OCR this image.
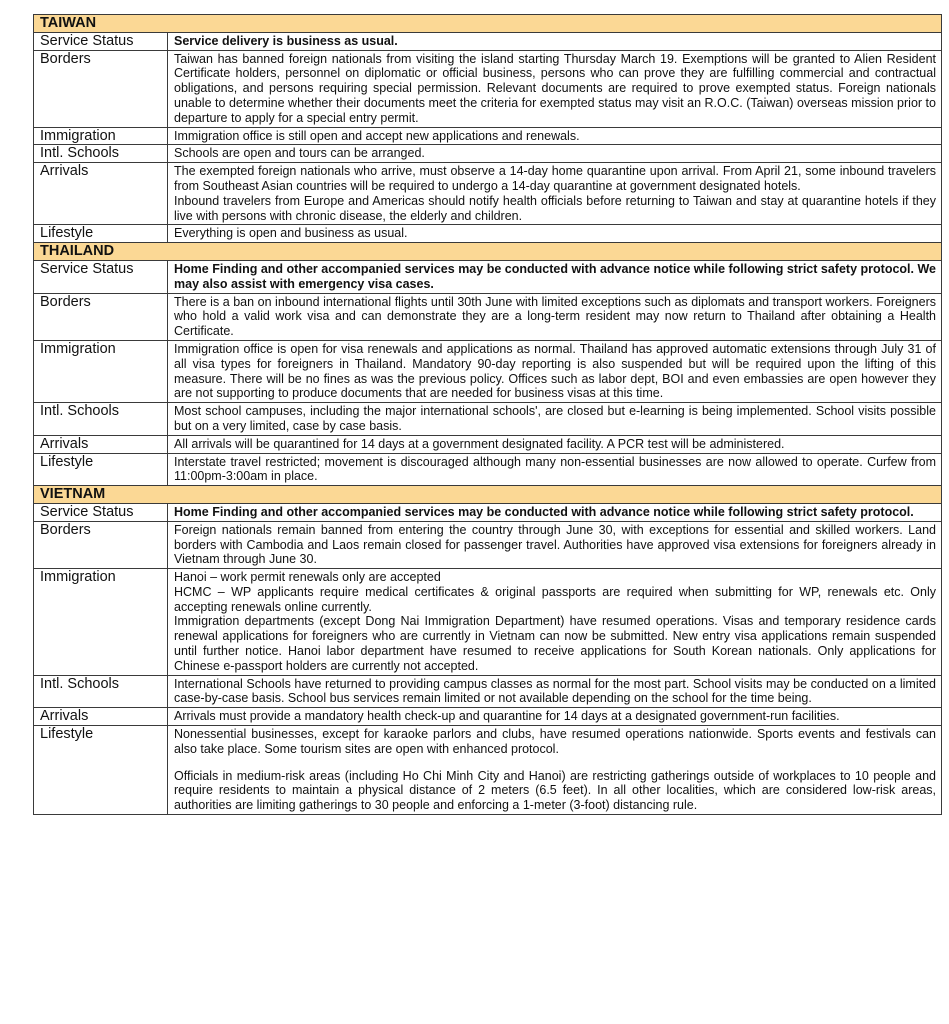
TAIWAN	
Service Status	Service delivery is business as usual.
Borders	Taiwan has banned foreign nationals from visiting the island starting Thursday March 19. Exemptions will be granted to Alien Resident Certificate holders, personnel on diplomatic or official business, persons who can prove they are fulfilling commercial and contractual obligations, and persons requiring special permission. Relevant documents are required to prove exempted status. Foreign nationals unable to determine whether their documents meet the criteria for exempted status may visit an R.O.C. (Taiwan) overseas mission prior to departure to apply for a special entry permit.
Immigration	Immigration office is still open and accept new applications and renewals.
Intl. Schools	Schools are open and tours can be arranged.
Arrivals	The exempted foreign nationals who arrive, must observe a 14-day home quarantine upon arrival. From April 21, some inbound travelers from Southeast Asian countries will be required to undergo a 14-day quarantine at government designated hotels.
Inbound travelers from Europe and Americas should notify health officials before returning to Taiwan and stay at quarantine hotels if they live with persons with chronic disease, the elderly and children.

Lifestyle	Everything is open and business as usual.
THAILAND	
Service Status	Home Finding and other accompanied services may be conducted with advance notice while following strict safety protocol. We may also assist with emergency visa cases.
Borders	There is a ban on inbound international flights until 30th June with limited exceptions such as diplomats and transport workers. Foreigners who hold a valid work visa and can demonstrate they are a long-term resident may now return to Thailand after obtaining a Health Certificate.
Immigration	Immigration office is open for visa renewals and applications as normal. Thailand has approved automatic extensions through July 31 of all visa types for foreigners in Thailand. Mandatory 90-day reporting is also suspended but will be required upon the lifting of this measure. There will be no fines as was the previous policy. Offices such as labor dept, BOI and even embassies are open however they are not supporting to produce documents that are needed for business visas at this time.
Intl. Schools	Most school campuses, including the major international schools', are closed but e-learning is being implemented. School visits possible but on a very limited, case by case basis.
Arrivals	All arrivals will be quarantined for 14 days at a government designated facility. A PCR test will be administered.
Lifestyle	Interstate travel restricted; movement is discouraged although many non-essential businesses are now allowed to operate. Curfew from 11:00pm-3:00am in place.
VIETNAM	
Service Status	Home Finding and other accompanied services may be conducted with advance notice while following strict safety protocol.
Borders	Foreign nationals remain banned from entering the country through June 30, with exceptions for essential and skilled workers. Land borders with Cambodia and Laos remain closed for passenger travel. Authorities have approved visa extensions for foreigners already in Vietnam through June 30.
Immigration	Hanoi – work permit renewals only are accepted
HCMC – WP applicants require medical certificates & original passports are required when submitting for WP, renewals etc. Only accepting renewals online currently.
Immigration departments (except Dong Nai Immigration Department) have resumed operations. Visas and temporary residence cards renewal applications for foreigners who are currently in Vietnam can now be submitted. New entry visa applications remain suspended until further notice. Hanoi labor department have resumed to receive applications for South Korean nationals. Only applications for Chinese e-passport holders are currently not accepted.

Intl. Schools	International Schools have returned to providing campus classes as normal for the most part. School visits may be conducted on a limited case-by-case basis. School bus services remain limited or not available depending on the school for the time being.
Arrivals	Arrivals must provide a mandatory health check-up and quarantine for 14 days at a designated government-run facilities.
Lifestyle	Nonessential businesses, except for karaoke parlors and clubs, have resumed operations nationwide. Sports events and festivals can also take place. Some tourism sites are open with enhanced protocol.
Officials in medium-risk areas (including Ho Chi Minh City and Hanoi) are restricting gatherings outside of workplaces to 10 people and require residents to maintain a physical distance of 2 meters (6.5 feet). In all other localities, which are considered low-risk areas, authorities are limiting gatherings to 30 people and enforcing a 1-meter (3-foot) distancing rule.
